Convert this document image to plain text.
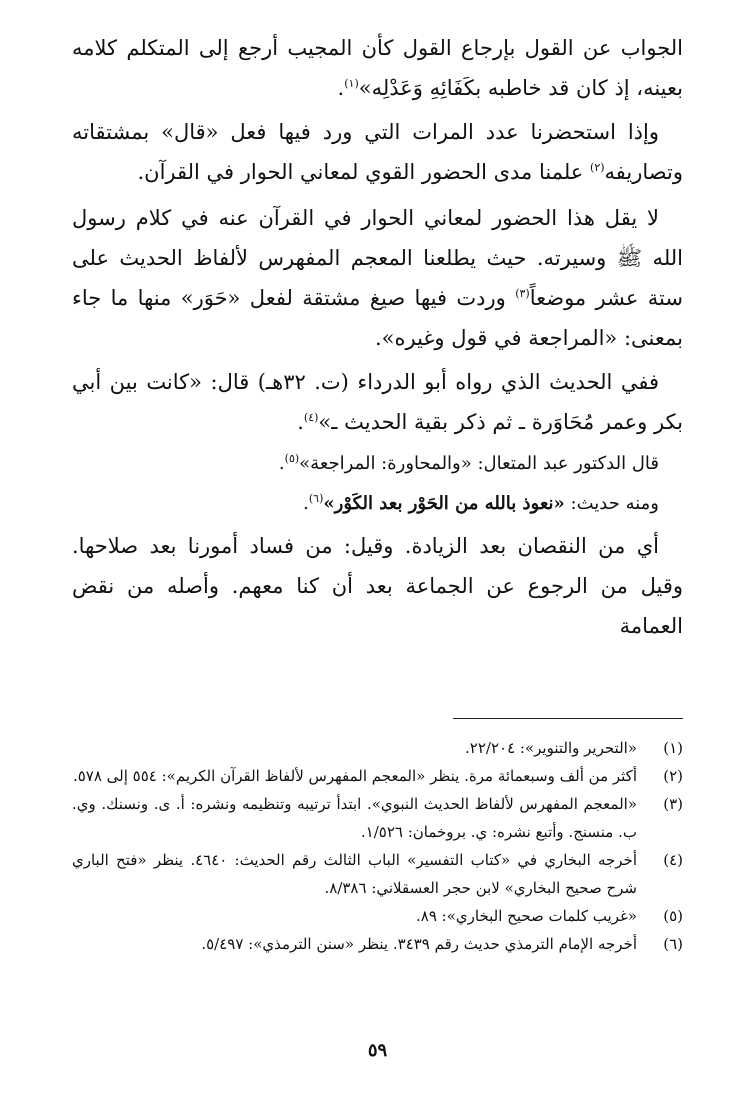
الجواب عن القول بإرجاع القول كأن المجيب أرجع إلى المتكلم كلامه بعينه، إذ كان قد خاطبه بكَفَائِهِ وَعَدْلِه»$^{(١)}$.

وإذا استحضرنا عدد المرات التي ورد فيها فعل «قال» بمشتقاته وتصاريفه$^{(٢)}$ علمنا مدى الحضور القوي لمعاني الحوار في القرآن.

لا يقل هذا الحضور لمعاني الحوار في القرآن عنه في كلام رسول الله ﷺ وسيرته. حيث يطلعنا المعجم المفهرس لألفاظ الحديث على ستة عشر موضعاً$^{(٣)}$ وردت فيها صيغ مشتقة لفعل «حَوَر» منها ما جاء بمعنى: «المراجعة في قول وغيره».

ففي الحديث الذي رواه أبو الدرداء (ت. ٣٢هـ) قال: «كانت بين أبي بكر وعمر مُحَاوَرة ـ ثم ذكر بقية الحديث ـ»$^{(٤)}$.

قال الدكتور عبد المتعال: «والمحاورة: المراجعة»$^{(٥)}$.

ومنه حديث: «نعوذ بالله من الحَوْر بعد الكَوْر»$^{(٦)}$.

أي من النقصان بعد الزيادة. وقيل: من فساد أمورنا بعد صلاحها. وقيل من الرجوع عن الجماعة بعد أن كنا معهم. وأصله من نقض العمامة

(١)
«التحرير والتنوير»: ٢٢/٢٠٤.
(٢)
أكثر من ألف وسبعمائة مرة. ينظر «المعجم المفهرس لألفاظ القرآن الكريم»: ٥٥٤ إلى ٥٧٨.
(٣)
«المعجم المفهرس لألفاظ الحديث النبوي». ابتدأ ترتيبه وتنظيمه ونشره: أ. ى. ونسنك. وي. ب. منسنج. وأتبع نشره: ي. بروخمان: ١/٥٢٦.
(٤)
أخرجه البخاري في «كتاب التفسير» الباب الثالث رقم الحديث: ٤٦٤٠. ينظر «فتح الباري شرح صحيح البخاري» لابن حجر العسقلاني: ٨/٣٨٦.
(٥)
«غريب كلمات صحيح البخاري»: ٨٩.
(٦)
أخرجه الإمام الترمذي حديث رقم ٣٤٣٩. ينظر «سنن الترمذي»: ٥/٤٩٧.
٥٩
